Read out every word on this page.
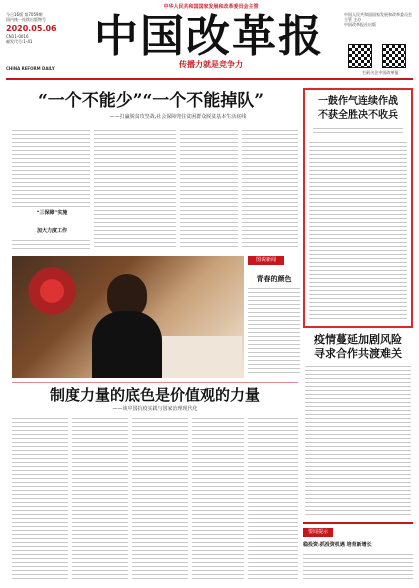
中华人民共和国国家发展和改革委员会主管
今日16版 第7059期
国内统一连续出版物号
2020.05.06
CN11-0016
邮发代号:1-41	中国改革报
传播力就是竞争力
CHINA REFORM DAILY
中国人民共和国国家发展和改革委员会
主管 主办
中国改革报社出版
扫码关注中国改革报
“一个不能少”“一个不能掉队”
——打赢脱贫攻坚战,社会保障兜住贫困群众脱贫基本生活底线
“三保障”实施
加大力度工作
一鼓作气连续作战
不获全胜决不收兵
图说新闻
青春的颜色
疫情蔓延加剧风险
寻求合作共渡难关
制度力量的底色是价值观的力量
——谈中国抗疫实践与国家治理现代化
要闻提示
稳投资:抓投资机遇 培育新增长
